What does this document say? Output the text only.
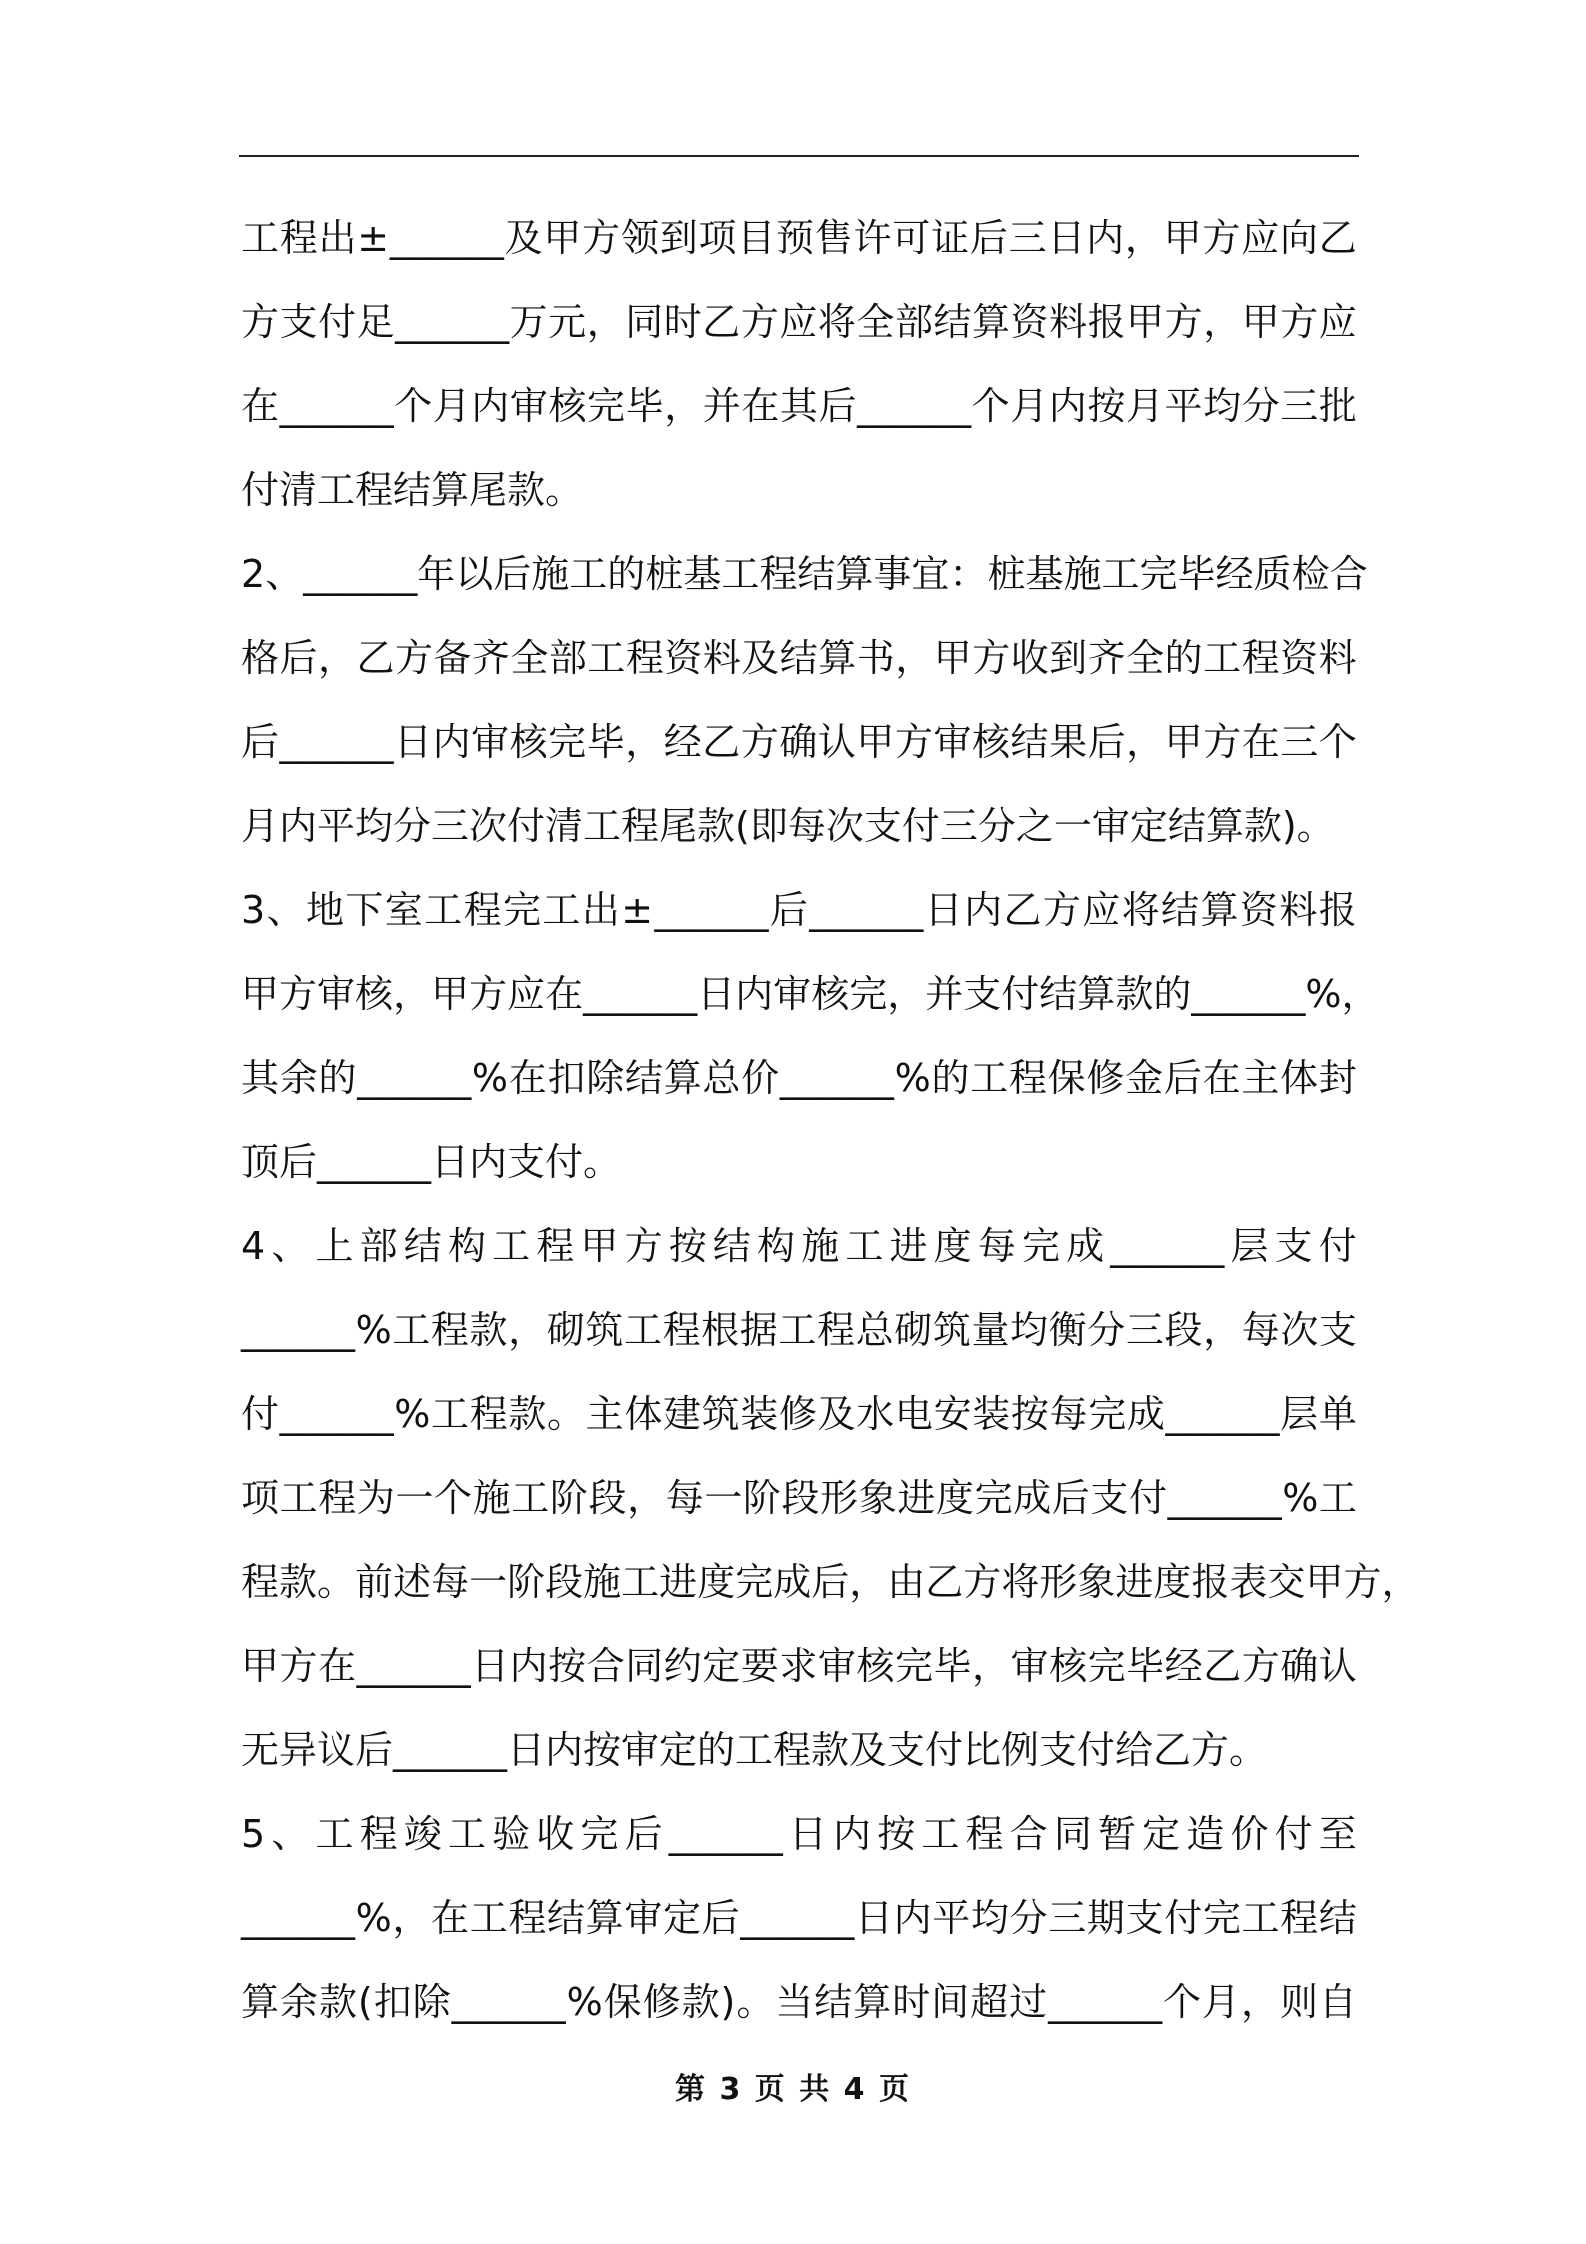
工 程 出 ± ______ 及 甲 方 领 到 项 目 预 售 许 可 证 后 三 日 内 ， 甲 方 应 向 乙
方 支 付 足 ______ 万 元 ， 同 时 乙 方 应 将 全 部 结 算 资 料 报 甲 方 ， 甲 方 应
在 ______ 个 月 内 审 核 完 毕 ， 并 在 其 后 ______ 个 月 内 按 月 平 均 分 三 批
付清工程结算尾款。
2 、 ______ 年 以 后 施 工 的 桩 基 工 程 结 算 事 宜 ： 桩 基 施 工 完 毕 经 质 检 合
格 后 ， 乙 方 备 齐 全 部 工 程 资 料 及 结 算 书 ， 甲 方 收 到 齐 全 的 工 程 资 料
后 ______ 日 内 审 核 完 毕 ， 经 乙 方 确 认 甲 方 审 核 结 果 后 ， 甲 方 在 三 个
月内平均分三次付清工程尾款(即每次支付三分之一审定结算款)。
3 、 地 下 室 工 程 完 工 出 ± ______ 后 ______ 日 内 乙 方 应 将 结 算 资 料 报
甲 方 审 核 ， 甲 方 应 在 ______ 日 内 审 核 完 ， 并 支 付 结 算 款 的 ______ % ，
其 余 的 ______ % 在 扣 除 结 算 总 价 ______ % 的 工 程 保 修 金 后 在 主 体 封
顶后______日内支付。
4 、 上 部 结 构 工 程 甲 方 按 结 构 施 工 进 度 每 完 成 ______ 层 支 付
______ % 工 程 款 ， 砌 筑 工 程 根 据 工 程 总 砌 筑 量 均 衡 分 三 段 ， 每 次 支
付 ______ % 工 程 款 。 主 体 建 筑 装 修 及 水 电 安 装 按 每 完 成 ______ 层 单
项 工 程 为 一 个 施 工 阶 段 ， 每 一 阶 段 形 象 进 度 完 成 后 支 付 ______ % 工
程 款 。 前 述 每 一 阶 段 施 工 进 度 完 成 后 ， 由 乙 方 将 形 象 进 度 报 表 交 甲 方 ，
甲 方 在 ______ 日 内 按 合 同 约 定 要 求 审 核 完 毕 ， 审 核 完 毕 经 乙 方 确 认
无异议后______日内按审定的工程款及支付比例支付给乙方。
5 、 工 程 竣 工 验 收 完 后 ______ 日 内 按 工 程 合 同 暂 定 造 价 付 至
______ % ， 在 工 程 结 算 审 定 后 ______ 日 内 平 均 分 三 期 支 付 完 工 程 结
算 余 款 ( 扣 除 ______ % 保 修 款 ) 。 当 结 算 时 间 超 过 ______ 个 月 ， 则 自
第 3 页 共 4 页
